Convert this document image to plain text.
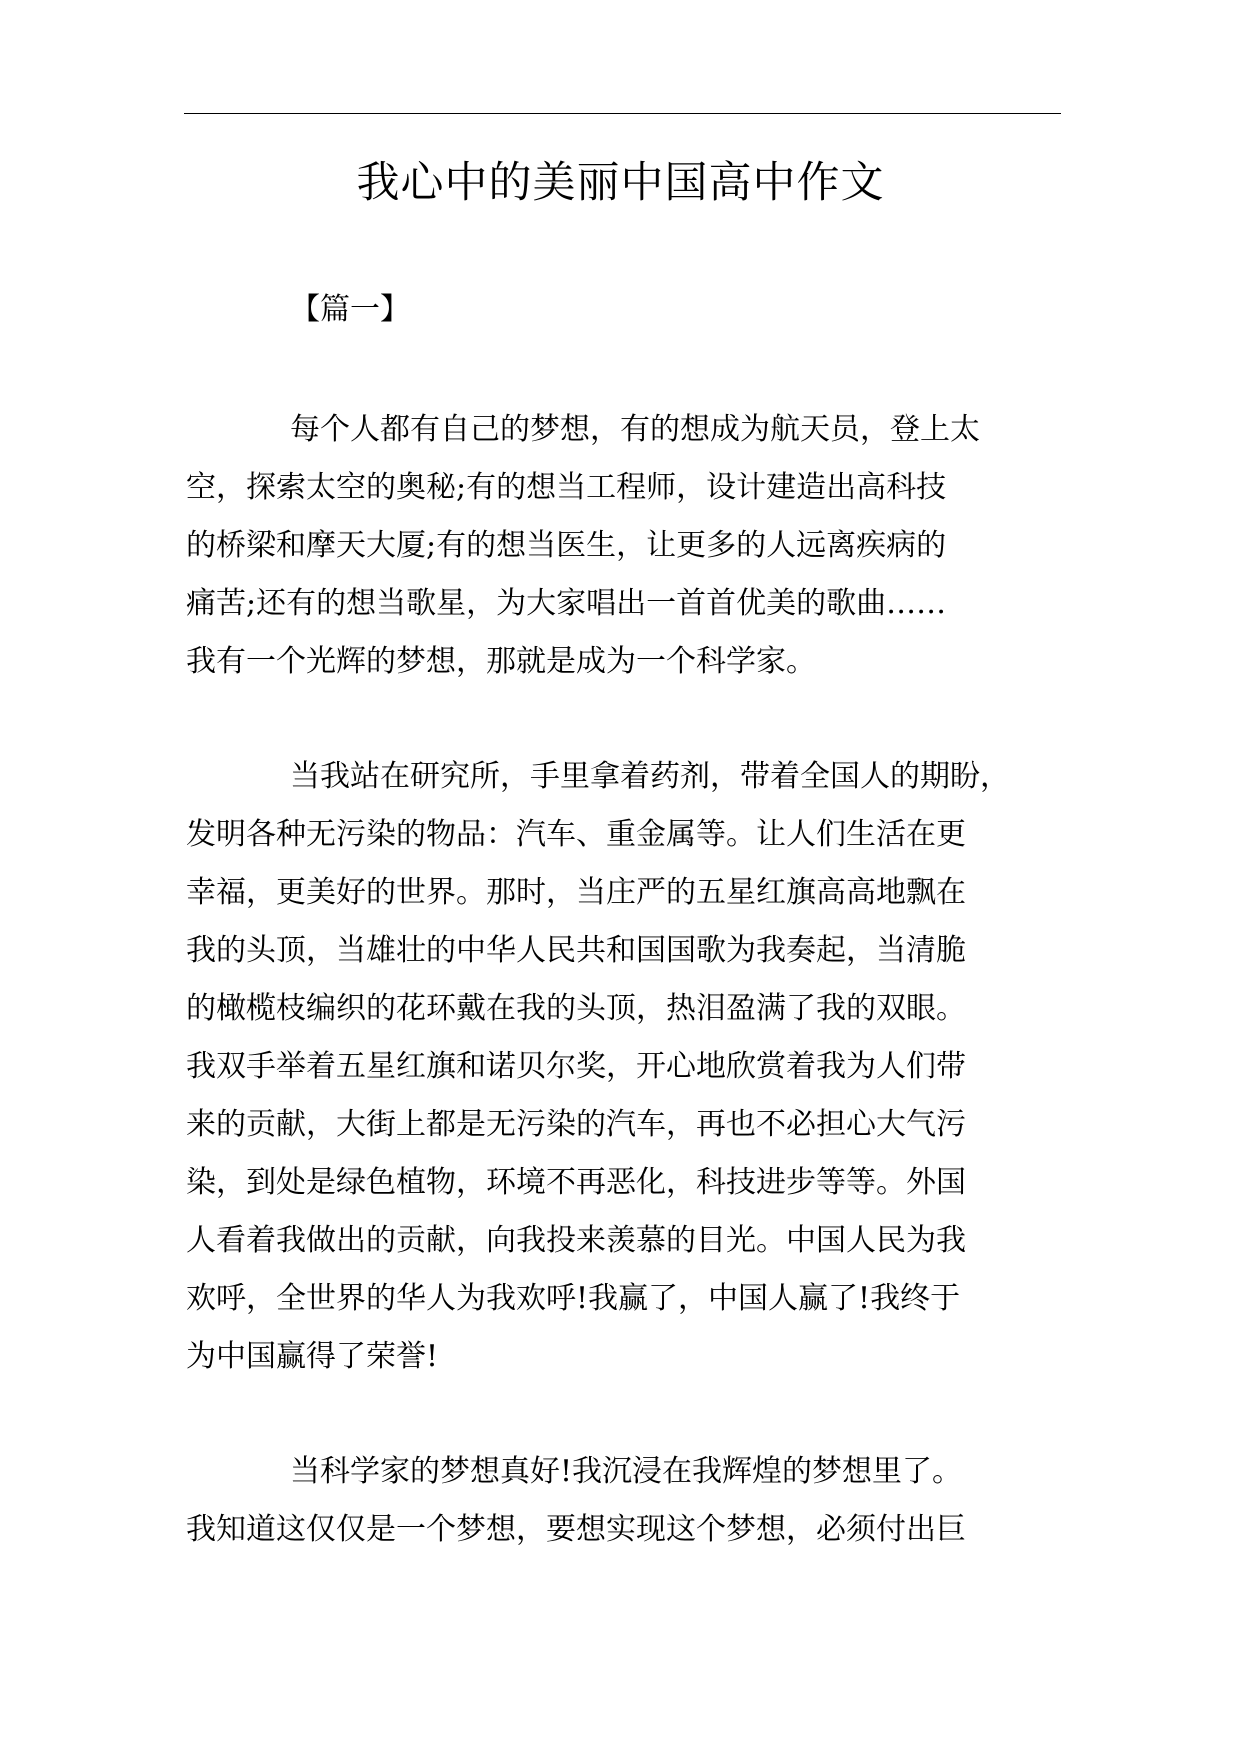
我心中的美丽中国高中作文
【篇一】
每个人都有自己的梦想，有的想成为航天员，登上太
空，探索太空的奥秘;有的想当工程师，设计建造出高科技
的桥梁和摩天大厦;有的想当医生，让更多的人远离疾病的
痛苦;还有的想当歌星，为大家唱出一首首优美的歌曲……
我有一个光辉的梦想，那就是成为一个科学家。
当我站在研究所，手里拿着药剂，带着全国人的期盼，
发明各种无污染的物品：汽车、重金属等。让人们生活在更
幸福，更美好的世界。那时，当庄严的五星红旗高高地飘在
我的头顶，当雄壮的中华人民共和国国歌为我奏起，当清脆
的橄榄枝编织的花环戴在我的头顶，热泪盈满了我的双眼。
我双手举着五星红旗和诺贝尔奖，开心地欣赏着我为人们带
来的贡献，大街上都是无污染的汽车，再也不必担心大气污
染，到处是绿色植物，环境不再恶化，科技进步等等。外国
人看着我做出的贡献，向我投来羡慕的目光。中国人民为我
欢呼，全世界的华人为我欢呼!我赢了，中国人赢了!我终于
为中国赢得了荣誉!
当科学家的梦想真好!我沉浸在我辉煌的梦想里了。
我知道这仅仅是一个梦想，要想实现这个梦想，必须付出巨
